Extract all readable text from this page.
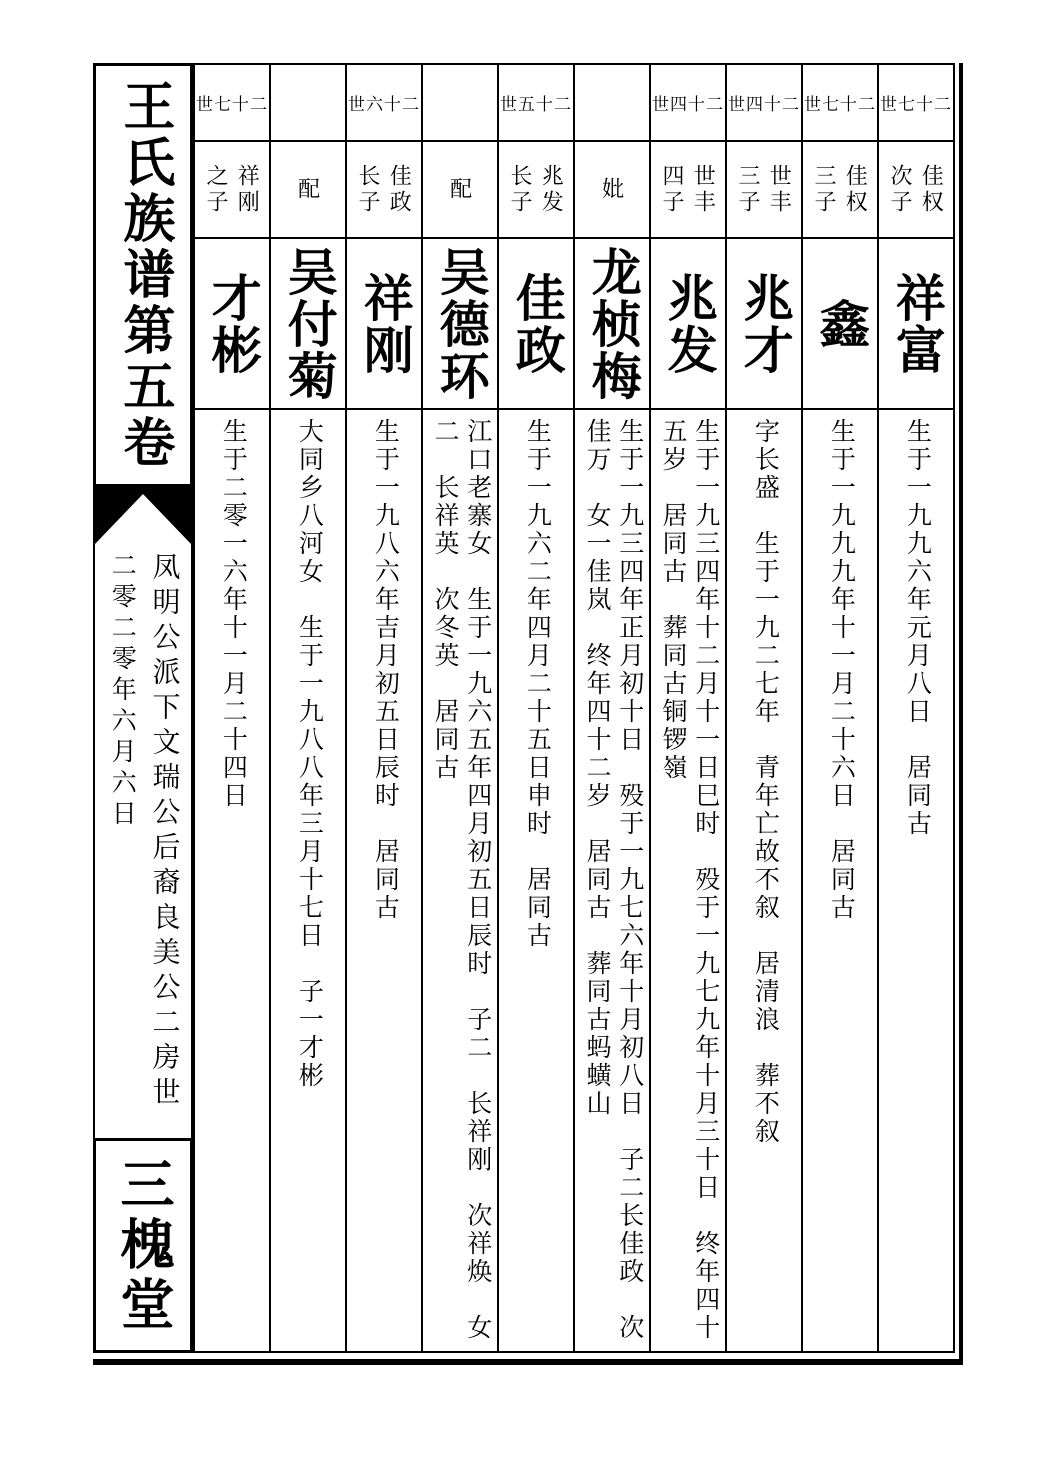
王氏族谱第五卷
凤明公派下文瑞公后裔良美公二房世
二零二零年六月六日
三槐堂
世七十二
祥刚
之子
才彬
生于二零一六年十一月二十四日
配
吴付菊
大同乡八河女　生于一九八八年三月十七日　子一才彬
世六十二
佳政
长子
祥刚
生于一九八六年吉月初五日辰时　居同古
配
吴德环
江口老寨女　生于一九六五年四月初五日辰时　子二　长祥刚　次祥焕　女
二　长祥英　次冬英　居同古
世五十二
兆发
长子
佳政
生于一九六二年四月二十五日申时　居同古
妣
龙桢梅
生于一九三四年正月初十日　殁于一九七六年十月初八日　子二长佳政　次
佳万　女一佳岚　终年四十二岁　居同古　葬同古蚂蟥山
世四十二
世丰
四子
兆发
生于一九三四年十二月十一日巳时　殁于一九七九年十月三十日　终年四十
五岁　居同古　葬同古铜锣嶺
世四十二
世丰
三子
兆才
字长盛　生于一九二七年　青年亡故不叙　居清浪　葬不叙
世七十二
佳权
三子
鑫
生于一九九九年十一月二十六日　居同古
世七十二
佳权
次子
祥富
生于一九九六年元月八日　居同古
